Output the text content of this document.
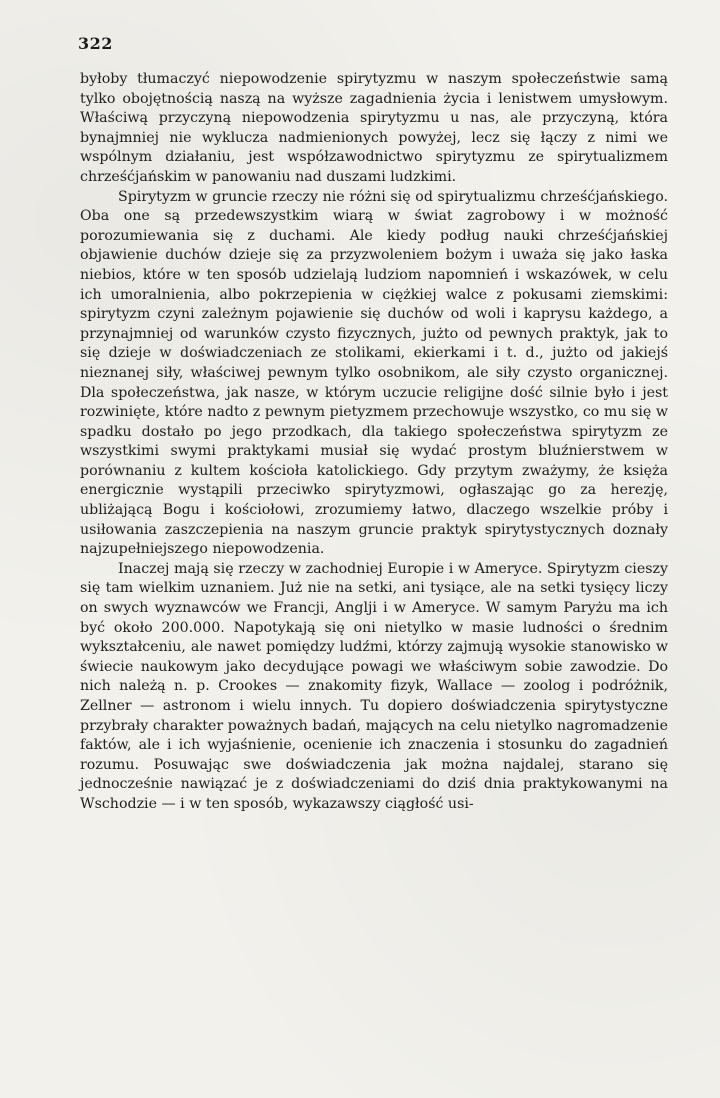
322

byłoby tłumaczyć niepowodzenie spirytyzmu w naszym społeczeństwie samą tylko obojętnością naszą na wyższe zagadnienia życia i lenistwem umysłowym. Właściwą przyczyną niepowodzenia spirytyzmu u nas, ale przyczyną, która bynajmniej nie wyklucza nadmienionych powyżej, lecz się łączy z nimi we wspólnym działaniu, jest współzawodnictwo spirytyzmu ze spirytualizmem chrześćjańskim w panowaniu nad duszami ludzkimi.

Spirytyzm w gruncie rzeczy nie różni się od spirytualizmu chrześćjańskiego. Oba one są przedewszystkim wiarą w świat zagrobowy i w możność porozumiewania się z duchami. Ale kiedy podług nauki chrześćjańskiej objawienie duchów dzieje się za przyzwoleniem bożym i uważa się jako łaska niebios, które w ten sposób udzielają ludziom napomnień i wskazówek, w celu ich umoralnienia, albo pokrzepienia w ciężkiej walce z pokusami ziemskimi: spirytyzm czyni zależnym pojawienie się duchów od woli i kaprysu każdego, a przynajmniej od warunków czysto fizycznych, jużto od pewnych praktyk, jak to się dzieje w doświadczeniach ze stolikami, ekierkami i t. d., jużto od jakiejś nieznanej siły, właściwej pewnym tylko osobnikom, ale siły czysto organicznej. Dla społeczeństwa, jak nasze, w którym uczucie religijne dość silnie było i jest rozwinięte, które nadto z pewnym pietyzmem przechowuje wszystko, co mu się w spadku dostało po jego przodkach, dla takiego społeczeństwa spirytyzm ze wszystkimi swymi praktykami musiał się wydać prostym bluźnierstwem w porównaniu z kultem kościoła katolickiego. Gdy przytym zważymy, że księża energicznie wystąpili przeciwko spirytyzmowi, ogłaszając go za herezję, ubliżającą Bogu i kościołowi, zrozumiemy łatwo, dlaczego wszelkie próby i usiłowania zaszczepienia na naszym gruncie praktyk spirytystycznych doznały najzupełniejszego niepowodzenia.

Inaczej mają się rzeczy w zachodniej Europie i w Ameryce. Spirytyzm cieszy się tam wielkim uznaniem. Już nie na setki, ani tysiące, ale na setki tysięcy liczy on swych wyznawców we Francji, Anglji i w Ameryce. W samym Paryżu ma ich być około 200.000. Napotykają się oni nietylko w masie ludności o średnim wykształceniu, ale nawet pomiędzy ludźmi, którzy zajmują wysokie stanowisko w świecie naukowym jako decydujące powagi we właściwym sobie zawodzie. Do nich należą n. p. Crookes — znakomity fizyk, Wallace — zoolog i podróżnik, Zellner — astronom i wielu innych. Tu dopiero doświadczenia spirytystyczne przybrały charakter poważnych badań, mających na celu nietylko nagromadzenie faktów, ale i ich wyjaśnienie, ocenienie ich znaczenia i stosunku do zagadnień rozumu. Posuwając swe doświadczenia jak można najdalej, starano się jednocześnie nawiązać je z doświadczeniami do dziś dnia praktykowanymi na Wschodzie — i w ten sposób, wykazawszy ciągłość usi-
